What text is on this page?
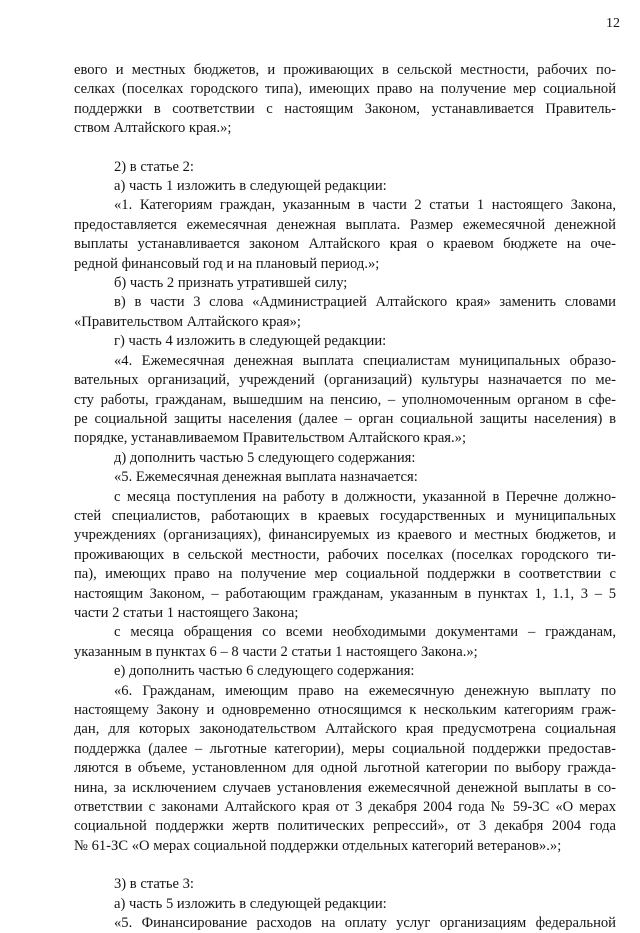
12

евого и местных бюджетов, и проживающих в сельской местности, рабочих по-

селках (поселках городского типа), имеющих право на получение мер социальной

поддержки в соответствии с настоящим Законом, устанавливается Правитель-

ством Алтайского края.»;

2) в статье 2:

а) часть 1 изложить в следующей редакции:

«1. Категориям граждан, указанным в части 2 статьи 1 настоящего Закона,

предоставляется ежемесячная денежная выплата. Размер ежемесячной денежной

выплаты устанавливается законом Алтайского края о краевом бюджете на оче-

редной финансовый год и на плановый период.»;

б) часть 2 признать утратившей силу;

в) в части 3 слова «Администрацией Алтайского края» заменить словами

«Правительством Алтайского края»;

г) часть 4 изложить в следующей редакции:

«4. Ежемесячная денежная выплата специалистам муниципальных образо-

вательных организаций, учреждений (организаций) культуры назначается по ме-

сту работы, гражданам, вышедшим на пенсию, – уполномоченным органом в сфе-

ре социальной защиты населения (далее – орган социальной защиты населения) в

порядке, устанавливаемом Правительством Алтайского края.»;

д) дополнить частью 5 следующего содержания:

«5. Ежемесячная денежная выплата назначается:

с месяца поступления на работу в должности, указанной в Перечне должно-

стей специалистов, работающих в краевых государственных и муниципальных

учреждениях (организациях), финансируемых из краевого и местных бюджетов, и

проживающих в сельской местности, рабочих поселках (поселках городского ти-

па), имеющих право на получение мер социальной поддержки в соответствии с

настоящим Законом, – работающим гражданам, указанным в пунктах 1, 1.1, 3 – 5

части 2 статьи 1 настоящего Закона;

с месяца обращения со всеми необходимыми документами – гражданам,

указанным в пунктах 6 – 8 части 2 статьи 1 настоящего Закона.»;

е) дополнить частью 6 следующего содержания:

«6. Гражданам, имеющим право на ежемесячную денежную выплату по

настоящему Закону и одновременно относящимся к нескольким категориям граж-

дан, для которых законодательством Алтайского края предусмотрена социальная

поддержка (далее – льготные категории), меры социальной поддержки предостав-

ляются в объеме, установленном для одной льготной категории по выбору гражда-

нина, за исключением случаев установления ежемесячной денежной выплаты в со-

ответствии с законами Алтайского края от 3 декабря 2004 года № 59-ЗС «О мерах

социальной поддержки жертв политических репрессий», от 3 декабря 2004 года

№ 61-ЗС «О мерах социальной поддержки отдельных категорий ветеранов».»;

3) в статье 3:

а) часть 5 изложить в следующей редакции:

«5. Финансирование расходов на оплату услуг организациям федеральной
